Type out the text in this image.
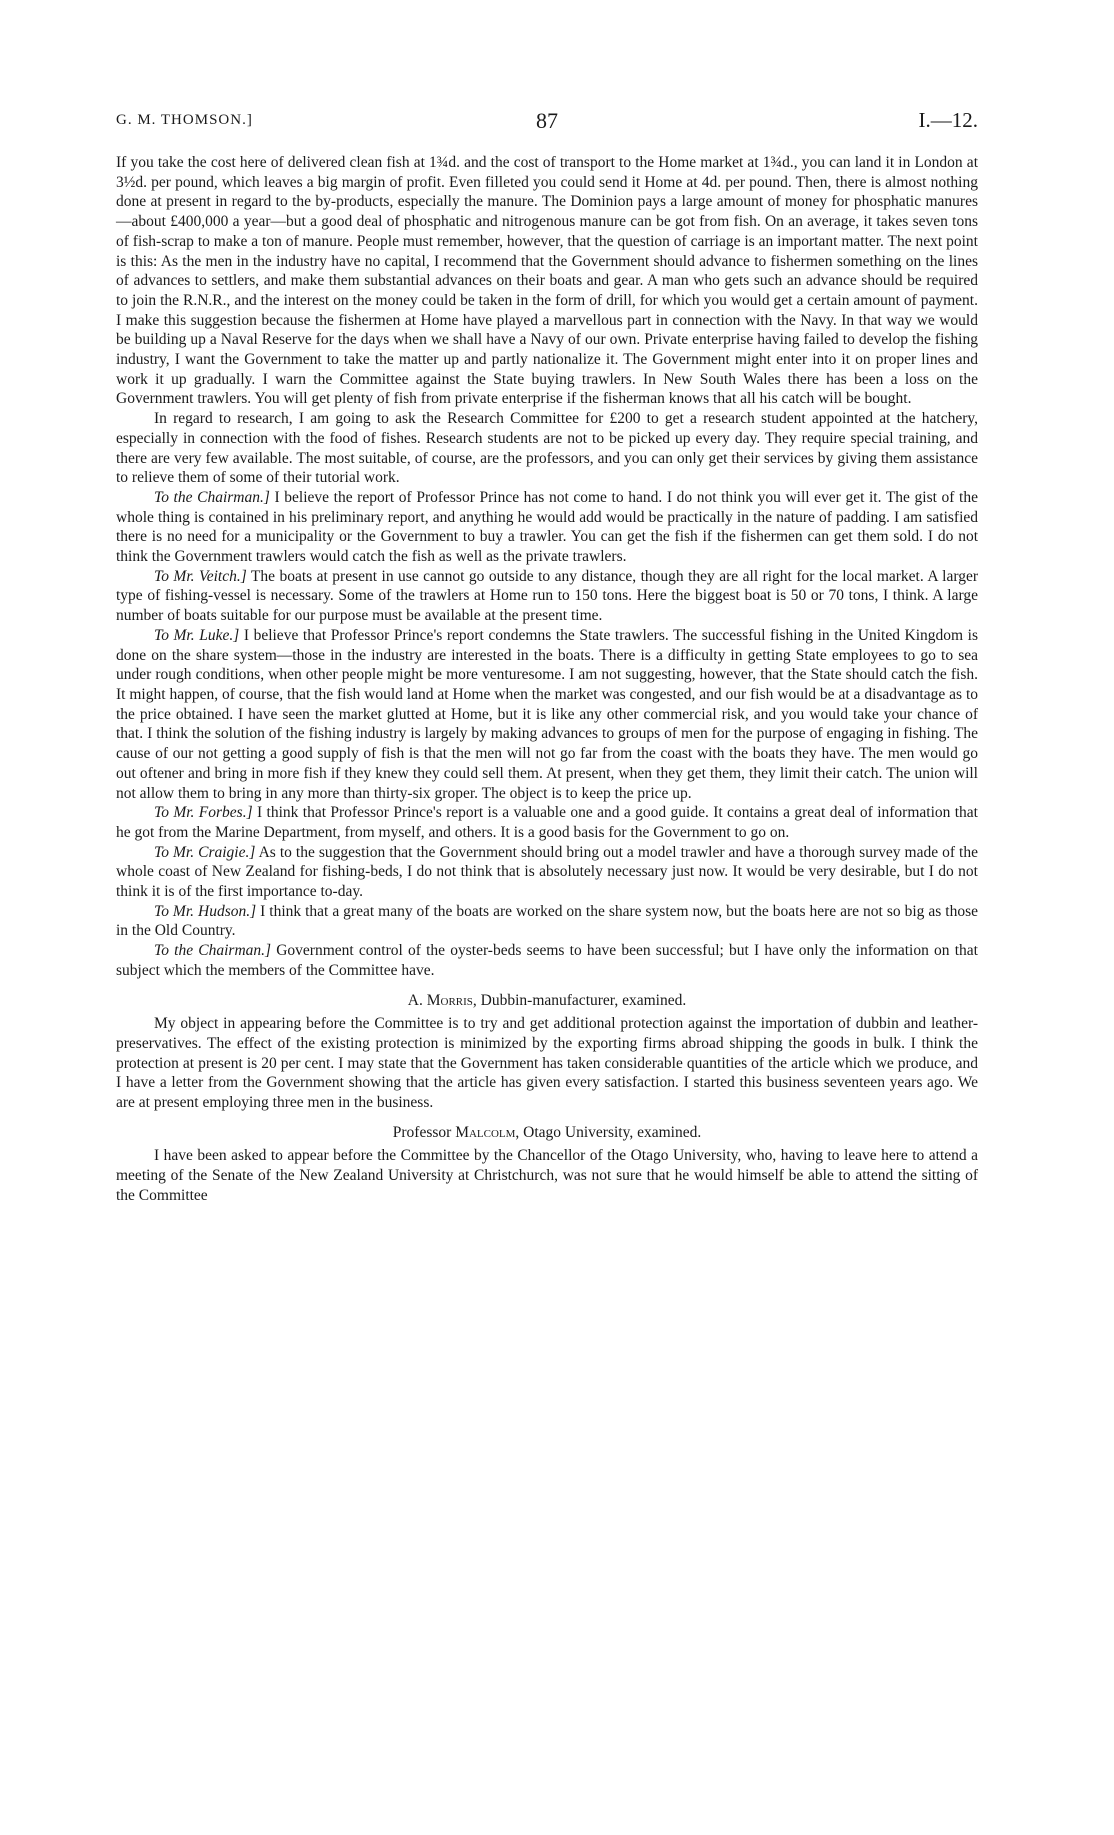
G. M. THOMSON.]	87	I.—12.

If you take the cost here of delivered clean fish at 1¾d. and the cost of transport to the Home market at 1¾d., you can land it in London at 3½d. per pound, which leaves a big margin of profit. Even filleted you could send it Home at 4d. per pound. Then, there is almost nothing done at present in regard to the by-products, especially the manure. The Dominion pays a large amount of money for phosphatic manures—about £400,000 a year—but a good deal of phosphatic and nitrogenous manure can be got from fish. On an average, it takes seven tons of fish-scrap to make a ton of manure. People must remember, however, that the question of carriage is an important matter. The next point is this: As the men in the industry have no capital, I recommend that the Government should advance to fishermen something on the lines of advances to settlers, and make them substantial advances on their boats and gear. A man who gets such an advance should be required to join the R.N.R., and the interest on the money could be taken in the form of drill, for which you would get a certain amount of payment. I make this suggestion because the fishermen at Home have played a marvellous part in connection with the Navy. In that way we would be building up a Naval Reserve for the days when we shall have a Navy of our own. Private enterprise having failed to develop the fishing industry, I want the Government to take the matter up and partly nationalize it. The Government might enter into it on proper lines and work it up gradually. I warn the Committee against the State buying trawlers. In New South Wales there has been a loss on the Government trawlers. You will get plenty of fish from private enterprise if the fisherman knows that all his catch will be bought.

In regard to research, I am going to ask the Research Committee for £200 to get a research student appointed at the hatchery, especially in connection with the food of fishes. Research students are not to be picked up every day. They require special training, and there are very few available. The most suitable, of course, are the professors, and you can only get their services by giving them assistance to relieve them of some of their tutorial work.

To the Chairman.] I believe the report of Professor Prince has not come to hand. I do not think you will ever get it. The gist of the whole thing is contained in his preliminary report, and anything he would add would be practically in the nature of padding. I am satisfied there is no need for a municipality or the Government to buy a trawler. You can get the fish if the fishermen can get them sold. I do not think the Government trawlers would catch the fish as well as the private trawlers.

To Mr. Veitch.] The boats at present in use cannot go outside to any distance, though they are all right for the local market. A larger type of fishing-vessel is necessary. Some of the trawlers at Home run to 150 tons. Here the biggest boat is 50 or 70 tons, I think. A large number of boats suitable for our purpose must be available at the present time.

To Mr. Luke.] I believe that Professor Prince's report condemns the State trawlers. The successful fishing in the United Kingdom is done on the share system—those in the industry are interested in the boats. There is a difficulty in getting State employees to go to sea under rough conditions, when other people might be more venturesome. I am not suggesting, however, that the State should catch the fish. It might happen, of course, that the fish would land at Home when the market was congested, and our fish would be at a disadvantage as to the price obtained. I have seen the market glutted at Home, but it is like any other commercial risk, and you would take your chance of that. I think the solution of the fishing industry is largely by making advances to groups of men for the purpose of engaging in fishing. The cause of our not getting a good supply of fish is that the men will not go far from the coast with the boats they have. The men would go out oftener and bring in more fish if they knew they could sell them. At present, when they get them, they limit their catch. The union will not allow them to bring in any more than thirty-six groper. The object is to keep the price up.

To Mr. Forbes.] I think that Professor Prince's report is a valuable one and a good guide. It contains a great deal of information that he got from the Marine Department, from myself, and others. It is a good basis for the Government to go on.

To Mr. Craigie.] As to the suggestion that the Government should bring out a model trawler and have a thorough survey made of the whole coast of New Zealand for fishing-beds, I do not think that is absolutely necessary just now. It would be very desirable, but I do not think it is of the first importance to-day.

To Mr. Hudson.] I think that a great many of the boats are worked on the share system now, but the boats here are not so big as those in the Old Country.

To the Chairman.] Government control of the oyster-beds seems to have been successful; but I have only the information on that subject which the members of the Committee have.

A. Morris, Dubbin-manufacturer, examined.

My object in appearing before the Committee is to try and get additional protection against the importation of dubbin and leather-preservatives. The effect of the existing protection is minimized by the exporting firms abroad shipping the goods in bulk. I think the protection at present is 20 per cent. I may state that the Government has taken considerable quantities of the article which we produce, and I have a letter from the Government showing that the article has given every satisfaction. I started this business seventeen years ago. We are at present employing three men in the business.

Professor Malcolm, Otago University, examined.

I have been asked to appear before the Committee by the Chancellor of the Otago University, who, having to leave here to attend a meeting of the Senate of the New Zealand University at Christchurch, was not sure that he would himself be able to attend the sitting of the Committee
